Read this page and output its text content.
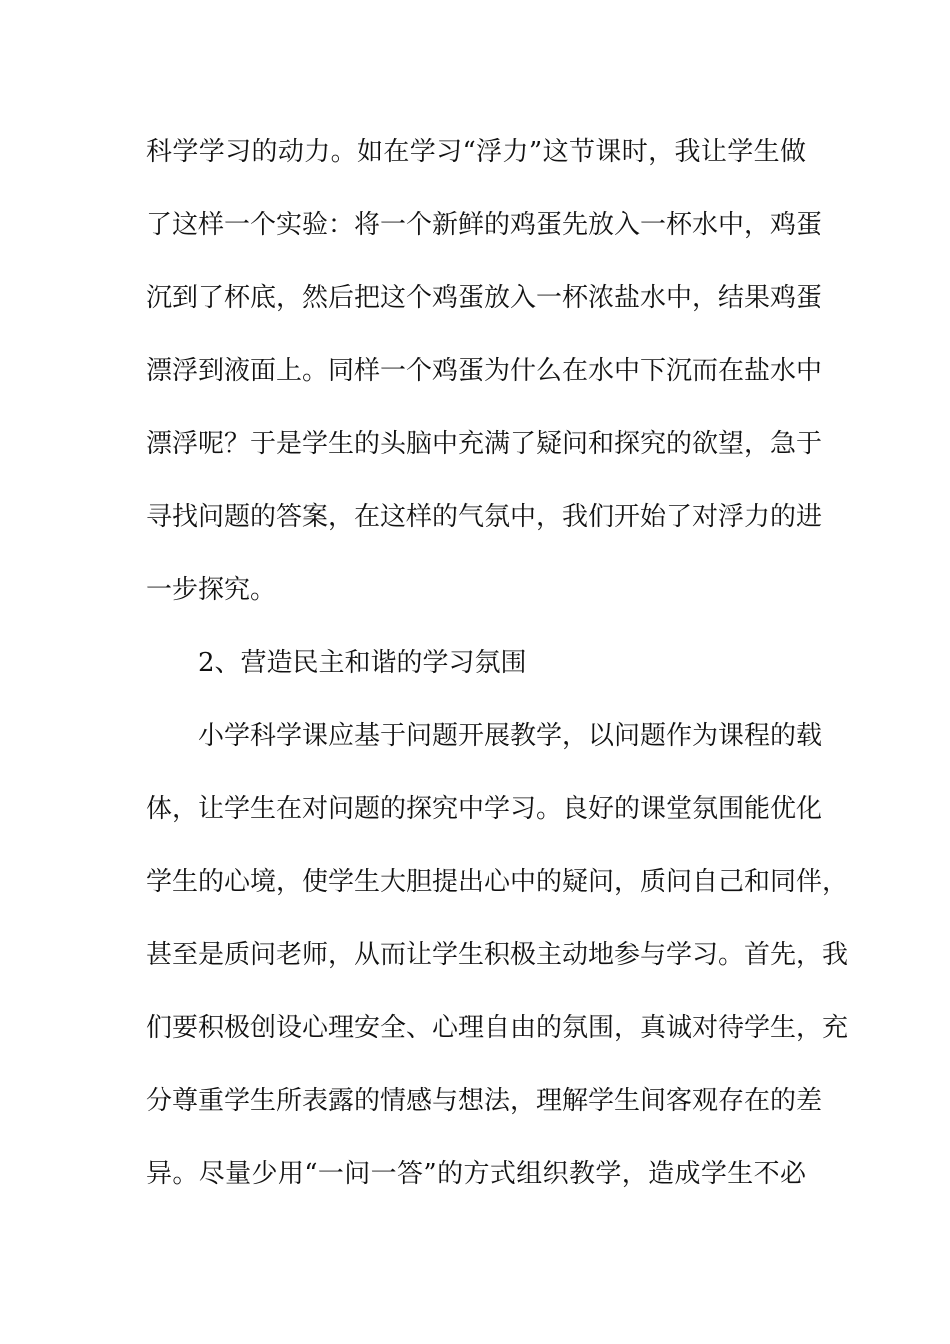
科学学习的动力。如在学习“浮力”这节课时，我让学生做
了这样一个实验：将一个新鲜的鸡蛋先放入一杯水中，鸡蛋
沉到了杯底，然后把这个鸡蛋放入一杯浓盐水中，结果鸡蛋
漂浮到液面上。同样一个鸡蛋为什么在水中下沉而在盐水中
漂浮呢？于是学生的头脑中充满了疑问和探究的欲望，急于
寻找问题的答案，在这样的气氛中，我们开始了对浮力的进
一步探究。
2、营造民主和谐的学习氛围
小学科学课应基于问题开展教学，以问题作为课程的载
体，让学生在对问题的探究中学习。良好的课堂氛围能优化
学生的心境，使学生大胆提出心中的疑问，质问自己和同伴，
甚至是质问老师，从而让学生积极主动地参与学习。首先，我
们要积极创设心理安全、心理自由的氛围，真诚对待学生，充
分尊重学生所表露的情感与想法，理解学生间客观存在的差
异。尽量少用“一问一答”的方式组织教学，造成学生不必
